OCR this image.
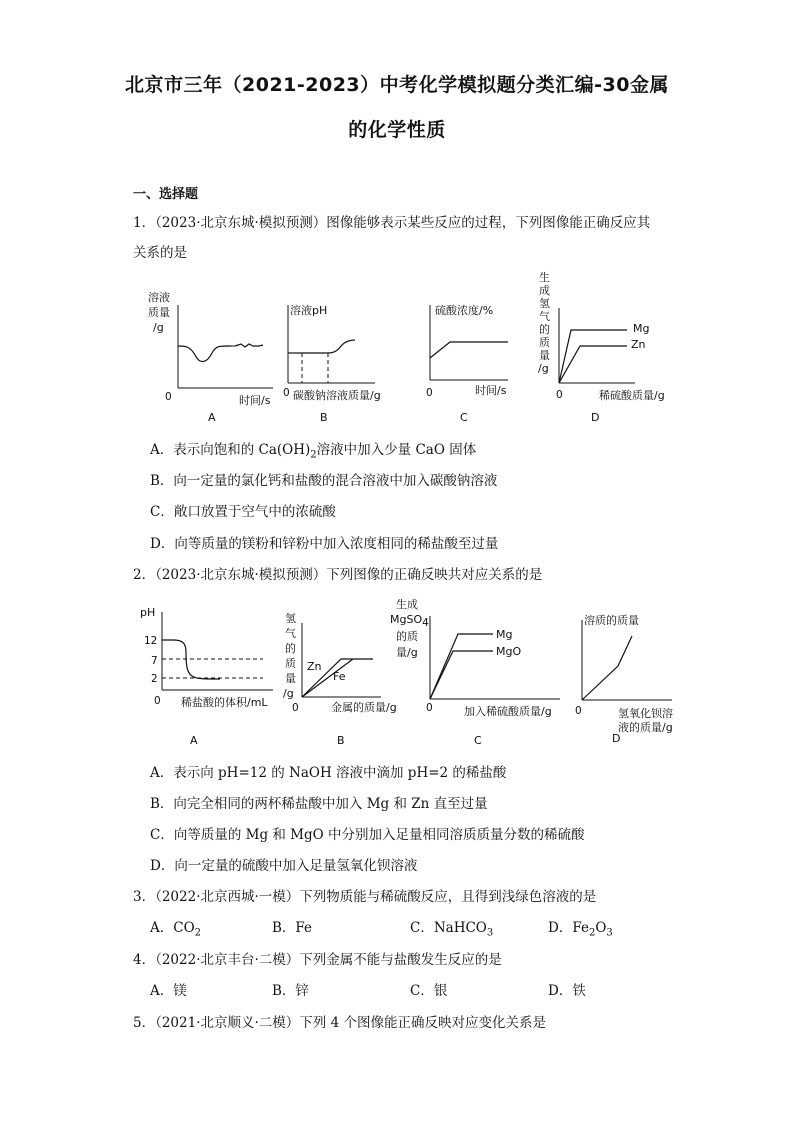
北京市三年（2021-2023）中考化学模拟题分类汇编-30金属
的化学性质
一、选择题
1．（2023·北京东城·模拟预测）图像能够表示某些反应的过程，下列图像能正确反应其
关系的是
溶液
质量
/g
0	时间/s
A
溶液pH
0 碳酸钠溶液质量/g
B
硫酸浓度/%
0	时间/s
C
生
成
氢
气
的
质
量
/g
Mg
Zn
0	稀硫酸质量/g
D
A．表示向饱和的 $Ca(OH)_2$溶液中加入少量 CaO 固体
B．向一定量的氯化钙和盐酸的混合溶液中加入碳酸钠溶液
C．敞口放置于空气中的浓硫酸
D．向等质量的镁粉和锌粉中加入浓度相同的稀盐酸至过量
2．（2023·北京东城·模拟预测）下列图像的正确反映共对应关系的是
pH
12
7
2
0 稀盐酸的体积/mL
A
氢
气
的
质
量
/g
Zn
Fe
0	金属的质量/g
B
生成
MgSO4
的质
量/g
Mg
MgO
0	加入稀硫酸质量/g
C
溶质的质量
0	氢氧化钡溶
液的质量/g
D
A．表示向 pH=12 的 NaOH 溶液中滴加 pH=2 的稀盐酸
B．向完全相同的两杯稀盐酸中加入 Mg 和 Zn 直至过量
C．向等质量的 Mg 和 MgO 中分别加入足量相同溶质质量分数的稀硫酸
D．向一定量的硫酸中加入足量氢氧化钡溶液
3．（2022·北京西城·一模）下列物质能与稀硫酸反应，且得到浅绿色溶液的是
A．$CO_2$	B．Fe	C．NaHCO$_3$	D．$Fe_2O_3$
4．（2022·北京丰台·二模）下列金属不能与盐酸发生反应的是
A．镁	B．锌	C．银	D．铁
5．（2021·北京顺义·二模）下列 4 个图像能正确反映对应变化关系是
